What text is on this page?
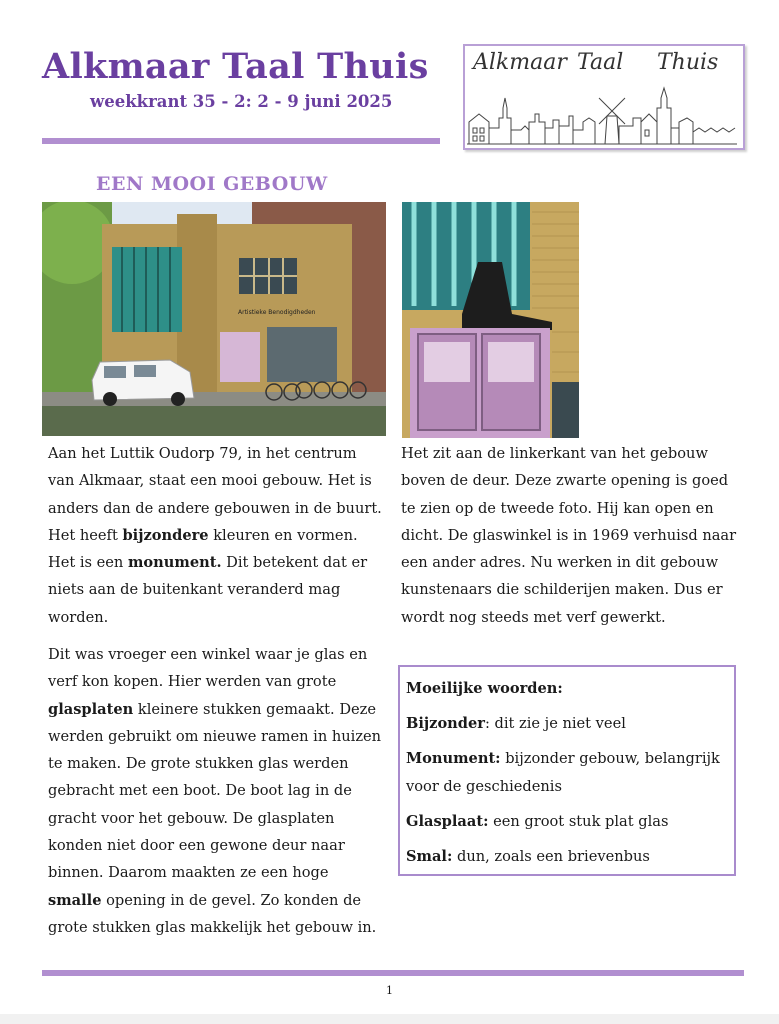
Alkmaar Taal Thuis
weekkrant 35 - 2: 2 - 9 juni 2025
Alkmaar Taal Thuis
EEN MOOI GEBOUW
Artistieke Benodigdheden

Aan het Luttik Oudorp 79, in het centrum van Alkmaar, staat een mooi gebouw. Het is anders dan de andere gebouwen in de buurt. Het heeft bijzondere kleuren en vormen. Het is een monument. Dit betekent dat er niets aan de buitenkant veranderd mag worden.

Dit was vroeger een winkel waar je glas en verf kon kopen. Hier werden van grote glasplaten kleinere stukken gemaakt. Deze werden gebruikt om nieuwe ramen in huizen te maken. De grote stukken glas werden gebracht met een boot. De boot lag in de gracht voor het gebouw. De glasplaten konden niet door een gewone deur naar binnen. Daarom maakten ze een hoge smalle opening in de gevel. Zo konden de grote stukken glas makkelijk het gebouw in.

Het zit aan de linkerkant van het gebouw boven de deur. Deze zwarte opening is goed te zien op de tweede foto. Hij kan open en dicht. De glaswinkel is in 1969 verhuisd naar een ander adres. Nu werken in dit gebouw kunstenaars die schilderijen maken. Dus er wordt nog steeds met verf gewerkt.

Moeilijke woorden:

Bijzonder: dit zie je niet veel

Monument: bijzonder gebouw, belangrijk voor de geschiedenis

Glasplaat: een groot stuk plat glas

Smal: dun, zoals een brievenbus

1
